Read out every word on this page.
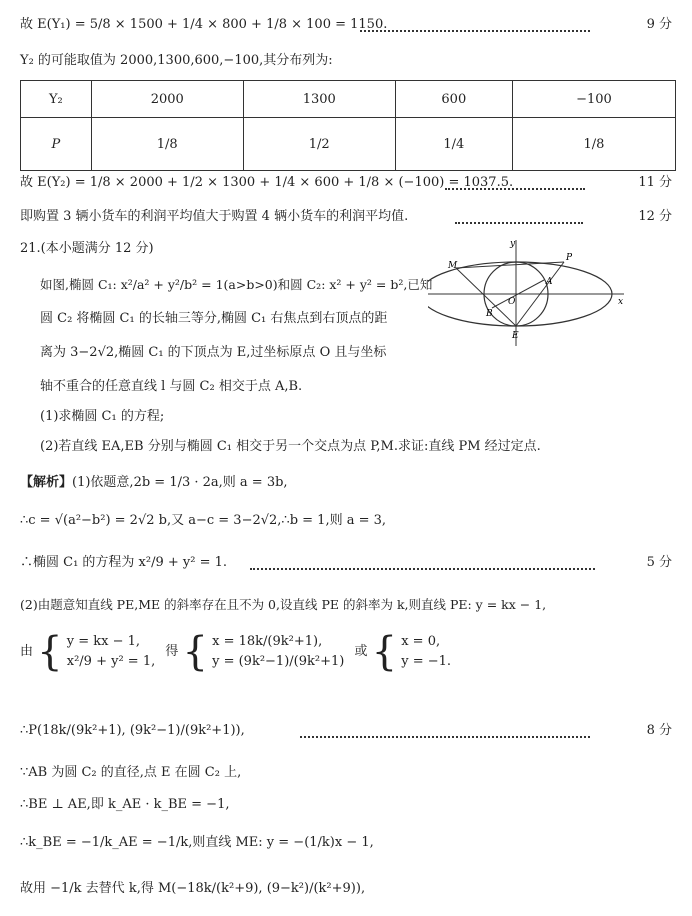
故 E(Y₁) = 5/8 × 1500 + 1/4 × 800 + 1/8 × 100 = 1150.	9 分
Y₂ 的可能取值为 2000,1300,600,−100,其分布列为:
Y₂	2000	1300	600	−100
P	1/8	1/2	1/4	1/8
故 E(Y₂) = 1/8 × 2000 + 1/2 × 1300 + 1/4 × 600 + 1/8 × (−100) = 1037.5.	11 分
即购置 3 辆小货车的利润平均值大于购置 4 辆小货车的利润平均值.	12 分
21.(本小题满分 12 分)
如图,椭圆 C₁: x²/a² + y²/b² = 1(a>b>0)和圆 C₂: x² + y² = b²,已知
圆 C₂ 将椭圆 C₁ 的长轴三等分,椭圆 C₁ 右焦点到右顶点的距
离为 3−2√2,椭圆 C₁ 的下顶点为 E,过坐标原点 O 且与坐标
轴不重合的任意直线 l 与圆 C₂ 相交于点 A,B.
(1)求椭圆 C₁ 的方程;
(2)若直线 EA,EB 分别与椭圆 C₁ 相交于另一个交点为点 P,M.求证:直线 PM 经过定点.
y
x
M
P
A
B
O
E
【解析】(1)依题意,2b = 1/3 · 2a,则 a = 3b,
∴c = √(a²−b²) = 2√2 b,又 a−c = 3−2√2,∴b = 1,则 a = 3,
∴椭圆 C₁ 的方程为 x²/9 + y² = 1.	5 分
(2)由题意知直线 PE,ME 的斜率存在且不为 0,设直线 PE 的斜率为 k,则直线 PE: y = kx − 1,
由 { y = kx − 1,
x²/9 + y² = 1,
得 { x = 18k/(9k²+1),
y = (9k²−1)/(9k²+1)
或 { x = 0,
y = −1.
∴P(18k/(9k²+1), (9k²−1)/(9k²+1)),	8 分
∵AB 为圆 C₂ 的直径,点 E 在圆 C₂ 上,
∴BE ⊥ AE,即 k_AE · k_BE = −1,
∴k_BE = −1/k_AE = −1/k,则直线 ME: y = −(1/k)x − 1,
故用 −1/k 去替代 k,得 M(−18k/(k²+9), (9−k²)/(k²+9)),
